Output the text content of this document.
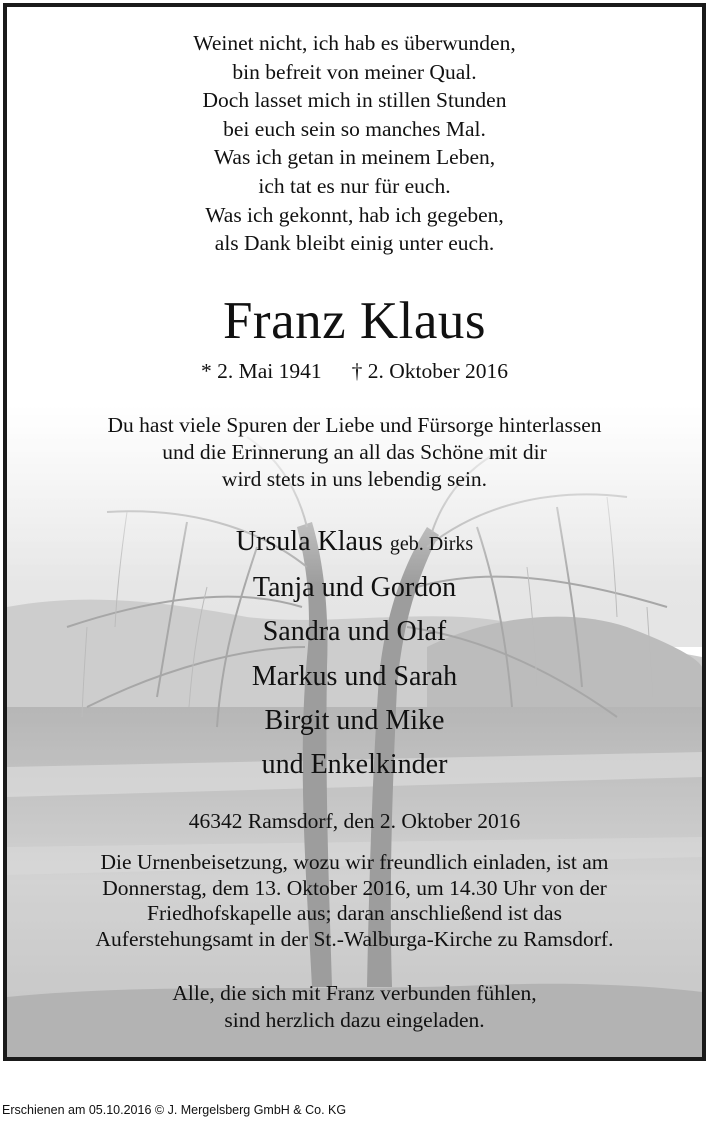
Weinet nicht, ich hab es überwunden,
bin befreit von meiner Qual.
Doch lasset mich in stillen Stunden
bei euch sein so manches Mal.
Was ich getan in meinem Leben,
ich tat es nur für euch.
Was ich gekonnt, hab ich gegeben,
als Dank bleibt einig unter euch.
Franz Klaus
* 2. Mai 1941 † 2. Oktober 2016
Du hast viele Spuren der Liebe und Fürsorge hinterlassen
und die Erinnerung an all das Schöne mit dir
wird stets in uns lebendig sein.
Ursula Klaus geb. Dirks
Tanja und Gordon
Sandra und Olaf
Markus und Sarah
Birgit und Mike
und Enkelkinder
46342 Ramsdorf, den 2. Oktober 2016
Die Urnenbeisetzung, wozu wir freundlich einladen, ist am
Donnerstag, dem 13. Oktober 2016, um 14.30 Uhr von der
Friedhofskapelle aus; daran anschließend ist das
Auferstehungsamt in der St.-Walburga-Kirche zu Ramsdorf.
Alle, die sich mit Franz verbunden fühlen,
sind herzlich dazu eingeladen.
Erschienen am 05.10.2016 © J. Mergelsberg GmbH & Co. KG
